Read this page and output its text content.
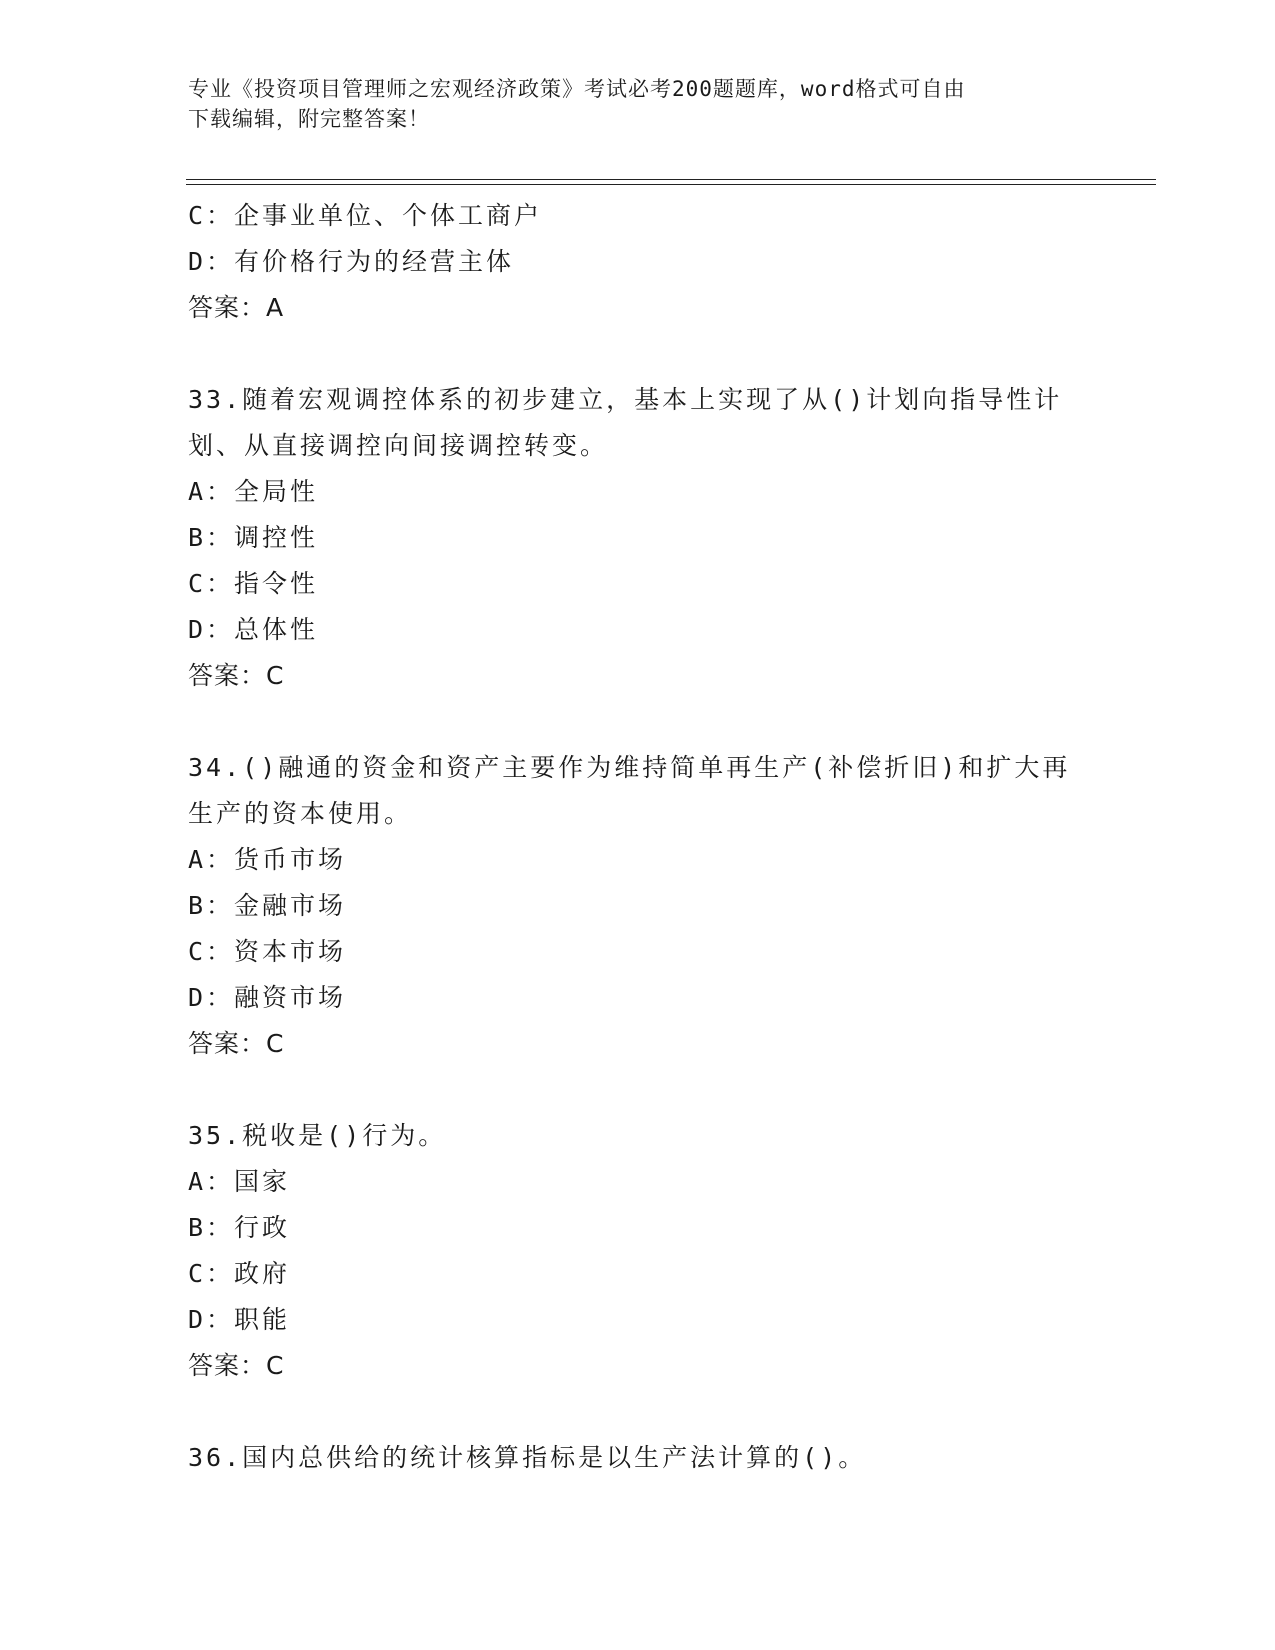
专业《投资项目管理师之宏观经济政策》考试必考200题题库，word格式可自由
下载编辑，附完整答案！
C：企事业单位、个体工商户
D：有价格行为的经营主体
答案：A
33.随着宏观调控体系的初步建立，基本上实现了从()计划向指导性计
划、从直接调控向间接调控转变。
A：全局性
B：调控性
C：指令性
D：总体性
答案：C
34.()融通的资金和资产主要作为维持简单再生产(补偿折旧)和扩大再
生产的资本使用。
A：货币市场
B：金融市场
C：资本市场
D：融资市场
答案：C
35.税收是()行为。
A：国家
B：行政
C：政府
D：职能
答案：C
36.国内总供给的统计核算指标是以生产法计算的()。
